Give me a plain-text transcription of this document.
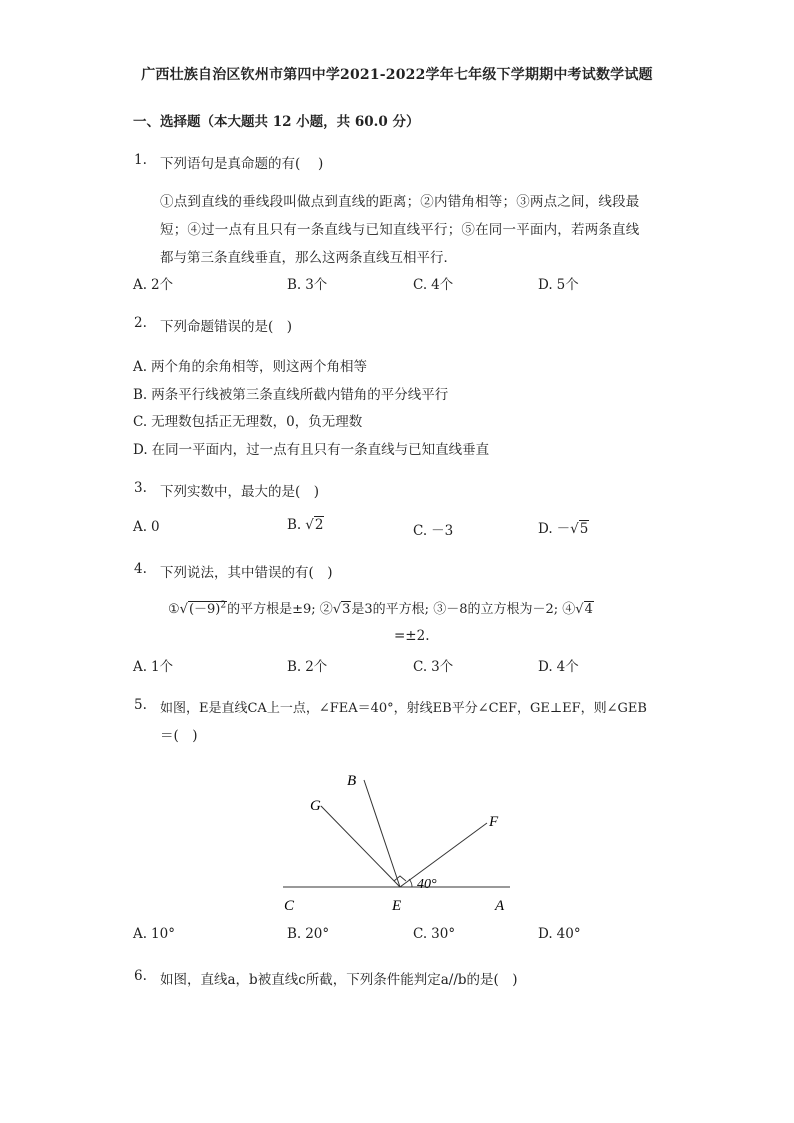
广西壮族自治区钦州市第四中学2021-2022学年七年级下学期期中考试数学试题
一、选择题（本大题共 12 小题，共 60.0 分）
1. 下列语句是真命题的有(　 )
①点到直线的垂线段叫做点到直线的距离；②内错角相等；③两点之间，线段最
短；④过一点有且只有一条直线与已知直线平行；⑤在同一平面内，若两条直线
都与第三条直线垂直，那么这两条直线互相平行．
A. 2个	B. 3个	C. 4个	D. 5个
2. 下列命题错误的是(　)
A. 两个角的余角相等，则这两个角相等
B. 两条平行线被第三条直线所截内错角的平分线平行
C. 无理数包括正无理数，0，负无理数
D. 在同一平面内，过一点有且只有一条直线与已知直线垂直
3. 下列实数中，最大的是(　)
A. 0	B. √2	C. －3	D. －√5
4. 下列说法，其中错误的有(　)
$①√(-9)^2$的平方根是±9; ②√3是3的平方根; ③－8的立方根为－2; ④√4
=±2.
A. 1个	B. 2个	C. 3个	D. 4个
5. 如图，E是直线CA上一点，∠FEA＝40°，射线EB平分∠CEF，GE⊥EF，则∠GEB
＝(　)
B
G
F
40°
C	E	A
A. 10°	B. 20°	C. 30°	D. 40°
6. 如图，直线a，b被直线c所截，下列条件能判定a//b的是(　)
